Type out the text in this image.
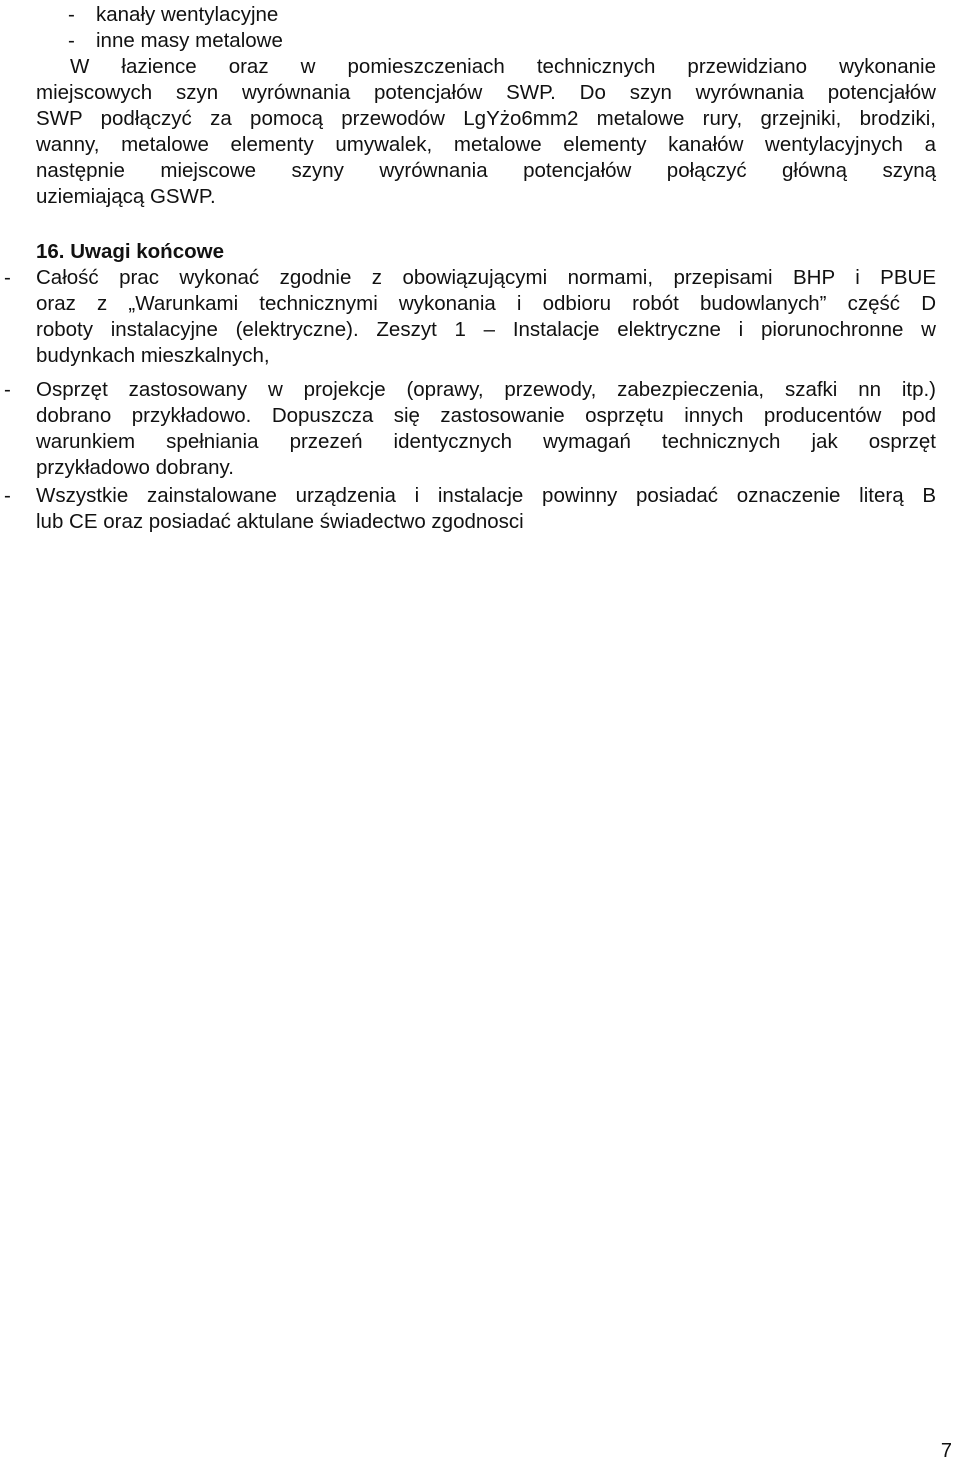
- kanały wentylacyjne
- inne masy metalowe
W łazience oraz w pomieszczeniach technicznych przewidziano wykonanie
miejscowych szyn wyrównania potencjałów SWP. Do szyn wyrównania potencjałów
SWP podłączyć za pomocą przewodów LgYżo6mm2 metalowe rury, grzejniki, brodziki,
wanny, metalowe elementy umywalek, metalowe elementy kanałów wentylacyjnych a
następnie miejscowe szyny wyrównania potencjałów połączyć główną szyną
uziemiającą GSWP.
16. Uwagi końcowe
- Całość prac wykonać zgodnie z obowiązującymi normami, przepisami BHP i PBUE
oraz z „Warunkami technicznymi wykonania i odbioru robót budowlanych” część D
roboty instalacyjne (elektryczne). Zeszyt 1 – Instalacje elektryczne i piorunochronne w
budynkach mieszkalnych,
- Osprzęt zastosowany w projekcje (oprawy, przewody, zabezpieczenia, szafki nn itp.)
dobrano przykładowo. Dopuszcza się zastosowanie osprzętu innych producentów pod
warunkiem spełniania przezeń identycznych wymagań technicznych jak osprzęt
przykładowo dobrany.
- Wszystkie zainstalowane urządzenia i instalacje powinny posiadać oznaczenie literą B
lub CE oraz posiadać aktulane świadectwo zgodnosci
7
